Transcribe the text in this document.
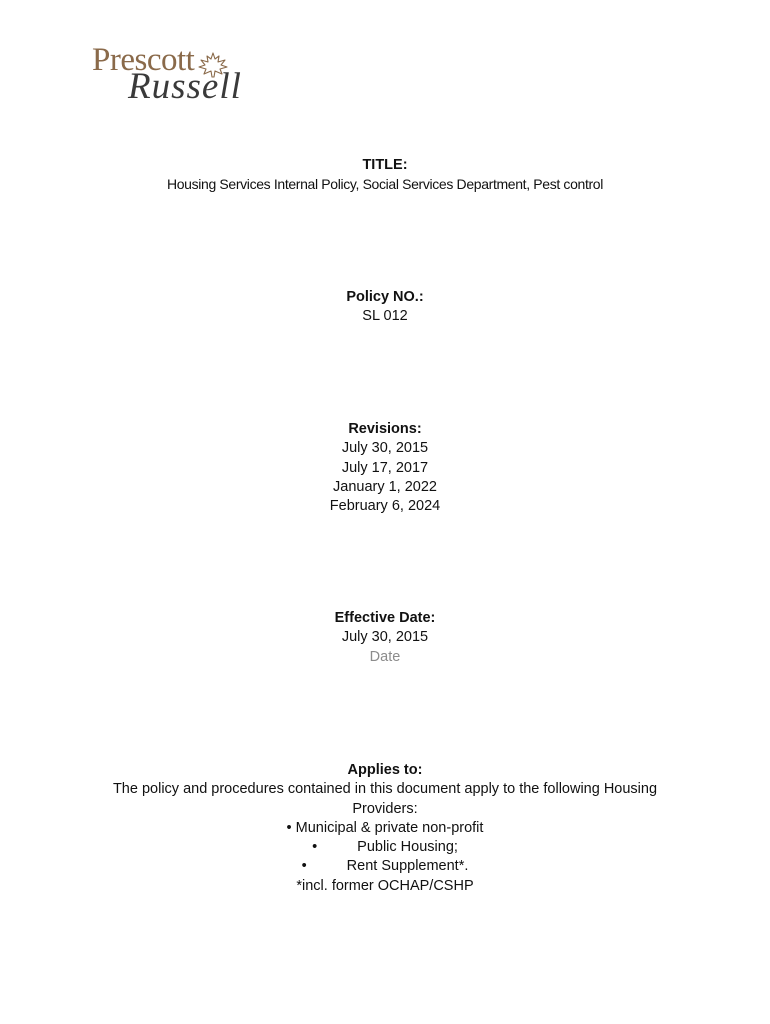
Prescott
Russell
TITLE:
Housing Services Internal Policy, Social Services Department, Pest control
Policy NO.:
SL 012
Revisions:
July 30, 2015
July 17, 2017
January 1, 2022
February 6, 2024
Effective Date:
July 30, 2015
Date
Applies to:
The policy and procedures contained in this document apply to the following Housing Providers:
• Municipal & private non-profit
•	Public Housing;
•	Rent Supplement*.
*incl. former OCHAP/CSHP
